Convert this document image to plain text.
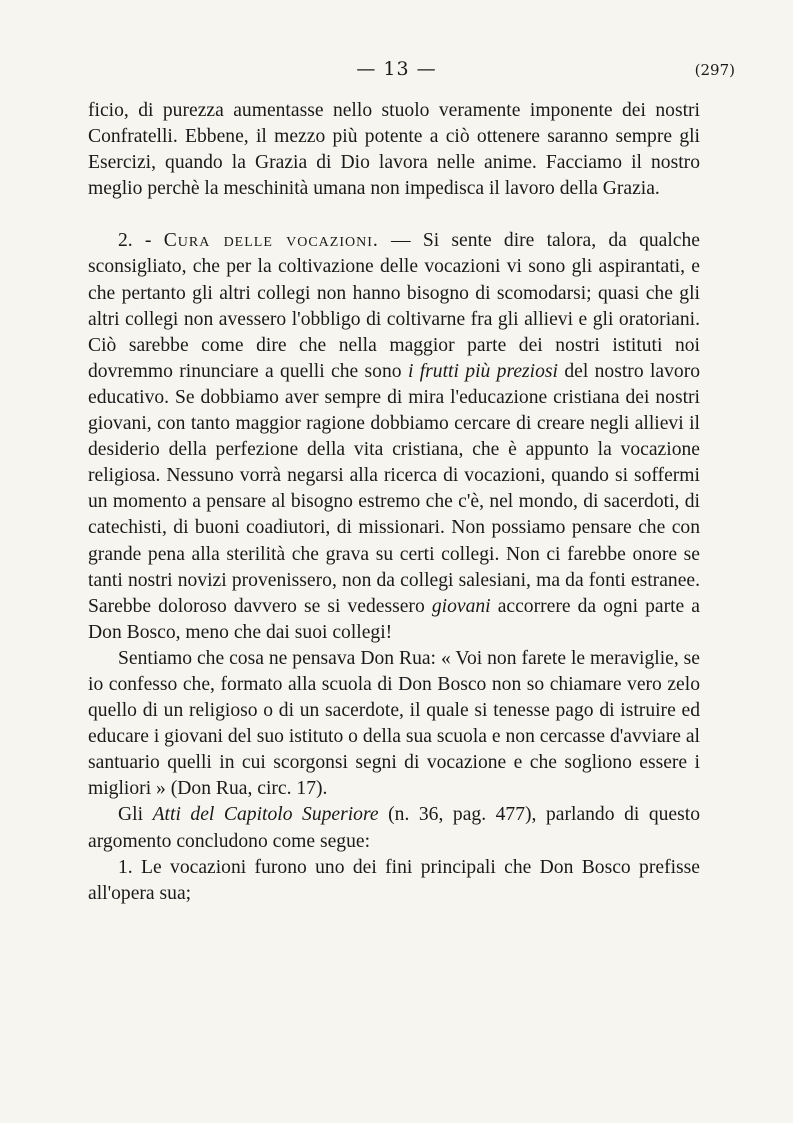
— 13 —	(297)

ficio, di purezza aumentasse nello stuolo veramente imponente dei nostri Confratelli. Ebbene, il mezzo più potente a ciò ottenere saranno sempre gli Esercizi, quando la Grazia di Dio lavora nelle anime. Facciamo il nostro meglio perchè la meschinità umana non impedisca il lavoro della Grazia.

2. - Cura delle vocazioni. — Si sente dire talora, da qualche sconsigliato, che per la coltivazione delle vocazioni vi sono gli aspirantati, e che pertanto gli altri collegi non hanno bisogno di scomodarsi; quasi che gli altri collegi non avessero l'obbligo di coltivarne fra gli allievi e gli oratoriani. Ciò sarebbe come dire che nella maggior parte dei nostri istituti noi dovremmo rinunciare a quelli che sono i frutti più preziosi del nostro lavoro educativo. Se dobbiamo aver sempre di mira l'educazione cristiana dei nostri giovani, con tanto maggior ragione dobbiamo cercare di creare negli allievi il desiderio della perfezione della vita cristiana, che è appunto la vocazione religiosa. Nessuno vorrà negarsi alla ricerca di vocazioni, quando si soffermi un momento a pensare al bisogno estremo che c'è, nel mondo, di sacerdoti, di catechisti, di buoni coadiutori, di missionari. Non possiamo pensare che con grande pena alla sterilità che grava su certi collegi. Non ci farebbe onore se tanti nostri novizi provenissero, non da collegi salesiani, ma da fonti estranee. Sarebbe doloroso davvero se si vedessero giovani accorrere da ogni parte a Don Bosco, meno che dai suoi collegi!

Sentiamo che cosa ne pensava Don Rua: « Voi non farete le meraviglie, se io confesso che, formato alla scuola di Don Bosco non so chiamare vero zelo quello di un religioso o di un sacerdote, il quale si tenesse pago di istruire ed educare i giovani del suo istituto o della sua scuola e non cercasse d'avviare al santuario quelli in cui scorgonsi segni di vocazione e che sogliono essere i migliori » (Don Rua, circ. 17).

Gli Atti del Capitolo Superiore (n. 36, pag. 477), parlando di questo argomento concludono come segue:

1. Le vocazioni furono uno dei fini principali che Don Bosco prefisse all'opera sua;
